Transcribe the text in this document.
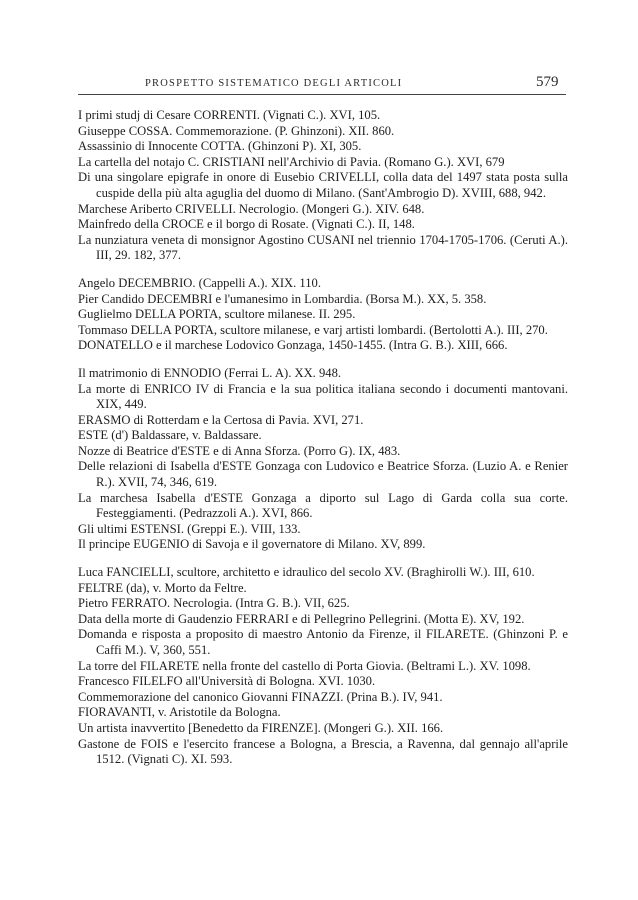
PROSPETTO SISTEMATICO DEGLI ARTICOLI	579
I primi studj di Cesare CORRENTI. (Vignati C.). XVI, 105.
Giuseppe COSSA. Commemorazione. (P. Ghinzoni). XII. 860.
Assassinio di Innocente COTTA. (Ghinzoni P). XI, 305.
La cartella del notajo C. CRISTIANI nell'Archivio di Pavia. (Romano G.). XVI, 679
Di una singolare epigrafe in onore di Eusebio CRIVELLI, colla data del 1497 stata posta sulla cuspide della più alta aguglia del duomo di Milano. (Sant'Ambrogio D). XVIII, 688, 942.
Marchese Ariberto CRIVELLI. Necrologio. (Mongeri G.). XIV. 648.
Mainfredo della CROCE e il borgo di Rosate. (Vignati C.). II, 148.
La nunziatura veneta di monsignor Agostino CUSANI nel triennio 1704-1705-1706. (Ceruti A.). III, 29. 182, 377.
Angelo DECEMBRIO. (Cappelli A.). XIX. 110.
Pier Candido DECEMBRI e l'umanesimo in Lombardia. (Borsa M.). XX, 5. 358.
Guglielmo DELLA PORTA, scultore milanese. II. 295.
Tommaso DELLA PORTA, scultore milanese, e varj artisti lombardi. (Bertolotti A.). III, 270.
DONATELLO e il marchese Lodovico Gonzaga, 1450-1455. (Intra G. B.). XIII, 666.
Il matrimonio di ENNODIO (Ferrai L. A). XX. 948.
La morte di ENRICO IV di Francia e la sua politica italiana secondo i documenti mantovani. XIX, 449.
ERASMO di Rotterdam e la Certosa di Pavia. XVI, 271.
ESTE (d') Baldassare, v. Baldassare.
Nozze di Beatrice d'ESTE e di Anna Sforza. (Porro G). IX, 483.
Delle relazioni di Isabella d'ESTE Gonzaga con Ludovico e Beatrice Sforza. (Luzio A. e Renier R.). XVII, 74, 346, 619.
La marchesa Isabella d'ESTE Gonzaga a diporto sul Lago di Garda colla sua corte. Festeggiamenti. (Pedrazzoli A.). XVI, 866.
Gli ultimi ESTENSI. (Greppi E.). VIII, 133.
Il principe EUGENIO di Savoja e il governatore di Milano. XV, 899.
Luca FANCIELLI, scultore, architetto e idraulico del secolo XV. (Braghirolli W.). III, 610.
FELTRE (da), v. Morto da Feltre.
Pietro FERRATO. Necrologia. (Intra G. B.). VII, 625.
Data della morte di Gaudenzio FERRARI e di Pellegrino Pellegrini. (Motta E). XV, 192.
Domanda e risposta a proposito di maestro Antonio da Firenze, il FILARETE. (Ghinzoni P. e Caffi M.). V, 360, 551.
La torre del FILARETE nella fronte del castello di Porta Giovia. (Beltrami L.). XV. 1098.
Francesco FILELFO all'Università di Bologna. XVI. 1030.
Commemorazione del canonico Giovanni FINAZZI. (Prina B.). IV, 941.
FIORAVANTI, v. Aristotile da Bologna.
Un artista inavvertito [Benedetto da FIRENZE]. (Mongeri G.). XII. 166.
Gastone de FOIS e l'esercito francese a Bologna, a Brescia, a Ravenna, dal gennajo all'aprile 1512. (Vignati C). XI. 593.
